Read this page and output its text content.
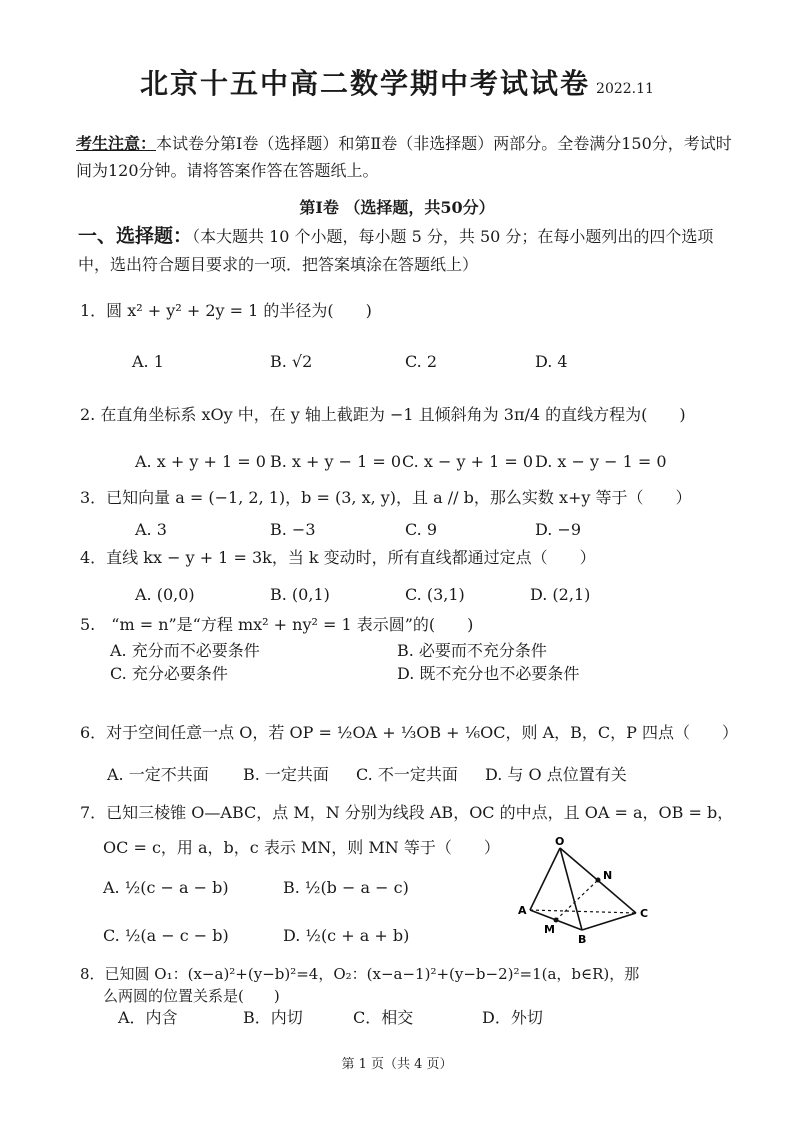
北京十五中高二数学期中考试试卷 2022.11
考生注意：本试卷分第Ⅰ卷（选择题）和第Ⅱ卷（非选择题）两部分。全卷满分150分，考试时间为120分钟。请将答案作答在答题纸上。
第Ⅰ卷 （选择题，共50分）
一、选择题：（本大题共 10 个小题，每小题 5 分，共 50 分；在每小题列出的四个选项中，选出符合题目要求的一项．把答案填涂在答题纸上）
1．圆 x² + y² + 2y = 1 的半径为(　　)
A. 1	B. √2	C. 2	D. 4
2. 在直角坐标系 xOy 中，在 y 轴上截距为 −1 且倾斜角为 3π/4 的直线方程为(　　)
A. x + y + 1 = 0 B. x + y − 1 = 0 C. x − y + 1 = 0 D. x − y − 1 = 0
3．已知向量 a = (−1, 2, 1)，b = (3, x, y)，且 a // b，那么实数 x+y 等于（　　）
A. 3	B. −3	C. 9	D. −9
4．直线 kx − y + 1 = 3k，当 k 变动时，所有直线都通过定点（　　）
A. (0,0)	B. (0,1)	C. (3,1)	D. (2,1)
5.　“m = n”是“方程 mx² + ny² = 1 表示圆”的(　　)
A. 充分而不必要条件	B. 必要而不充分条件
C. 充分必要条件	D. 既不充分也不必要条件
6．对于空间任意一点 O，若 OP = ½OA + ⅓OB + ⅙OC，则 A，B，C，P 四点（　　）
A. 一定不共面 B. 一定共面 C. 不一定共面 D. 与 O 点位置有关
7．已知三棱锥 O—ABC，点 M，N 分别为线段 AB，OC 的中点，且 OA = a，OB = b，
OC = c，用 a，b，c 表示 MN，则 MN 等于（　　）
A. ½(c − a − b)	B. ½(b − a − c)
C. ½(a − c − b)	D. ½(c + a + b)
O
N
A	C
M
B
8．已知圆 O₁：(x−a)²+(y−b)²=4，O₂：(x−a−1)²+(y−b−2)²=1(a，b∈R)，那
么两圆的位置关系是(　　)
A．内含	B．内切	C．相交	D．外切
第 1 页（共 4 页）
